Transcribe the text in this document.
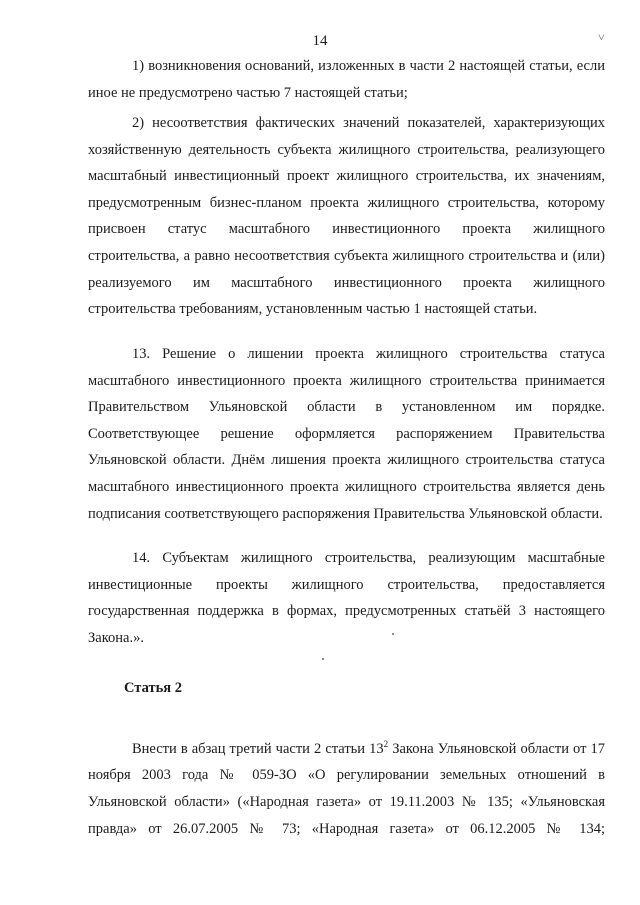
14	˅
1) возникновения оснований, изложенных в части 2 настоящей статьи, если иное не предусмотрено частью 7 настоящей статьи;
2) несоответствия фактических значений показателей, характеризующих хозяйственную деятельность субъекта жилищного строительства, реализующего масштабный инвестиционный проект жилищного строительства, их значениям, предусмотренным бизнес-планом проекта жилищного строительства, которому присвоен статус масштабного инвестиционного проекта жилищного строительства, а равно несоответствия субъекта жилищного строительства и (или) реализуемого им масштабного инвестиционного проекта жилищного строительства требованиям, установленным частью 1 настоящей статьи.
13. Решение о лишении проекта жилищного строительства статуса масштабного инвестиционного проекта жилищного строительства принимается Правительством Ульяновской области в установленном им порядке. Соответствующее решение оформляется распоряжением Правительства Ульяновской области. Днём лишения проекта жилищного строительства статуса масштабного инвестиционного проекта жилищного строительства является день подписания соответствующего распоряжения Правительства Ульяновской области.
14. Субъектам жилищного строительства, реализующим масштабные инвестиционные проекты жилищного строительства, предоставляется государственная поддержка в формах, предусмотренных статьёй 3 настоящего Закона.».
Статья 2
Внести в абзац третий части 2 статьи $13^2$ Закона Ульяновской области от 17 ноября 2003 года № 059-ЗО «О регулировании земельных отношений в Ульяновской области» («Народная газета» от 19.11.2003 № 135; «Ульяновская правда» от 26.07.2005 № 73; «Народная газета» от 06.12.2005 № 134;
